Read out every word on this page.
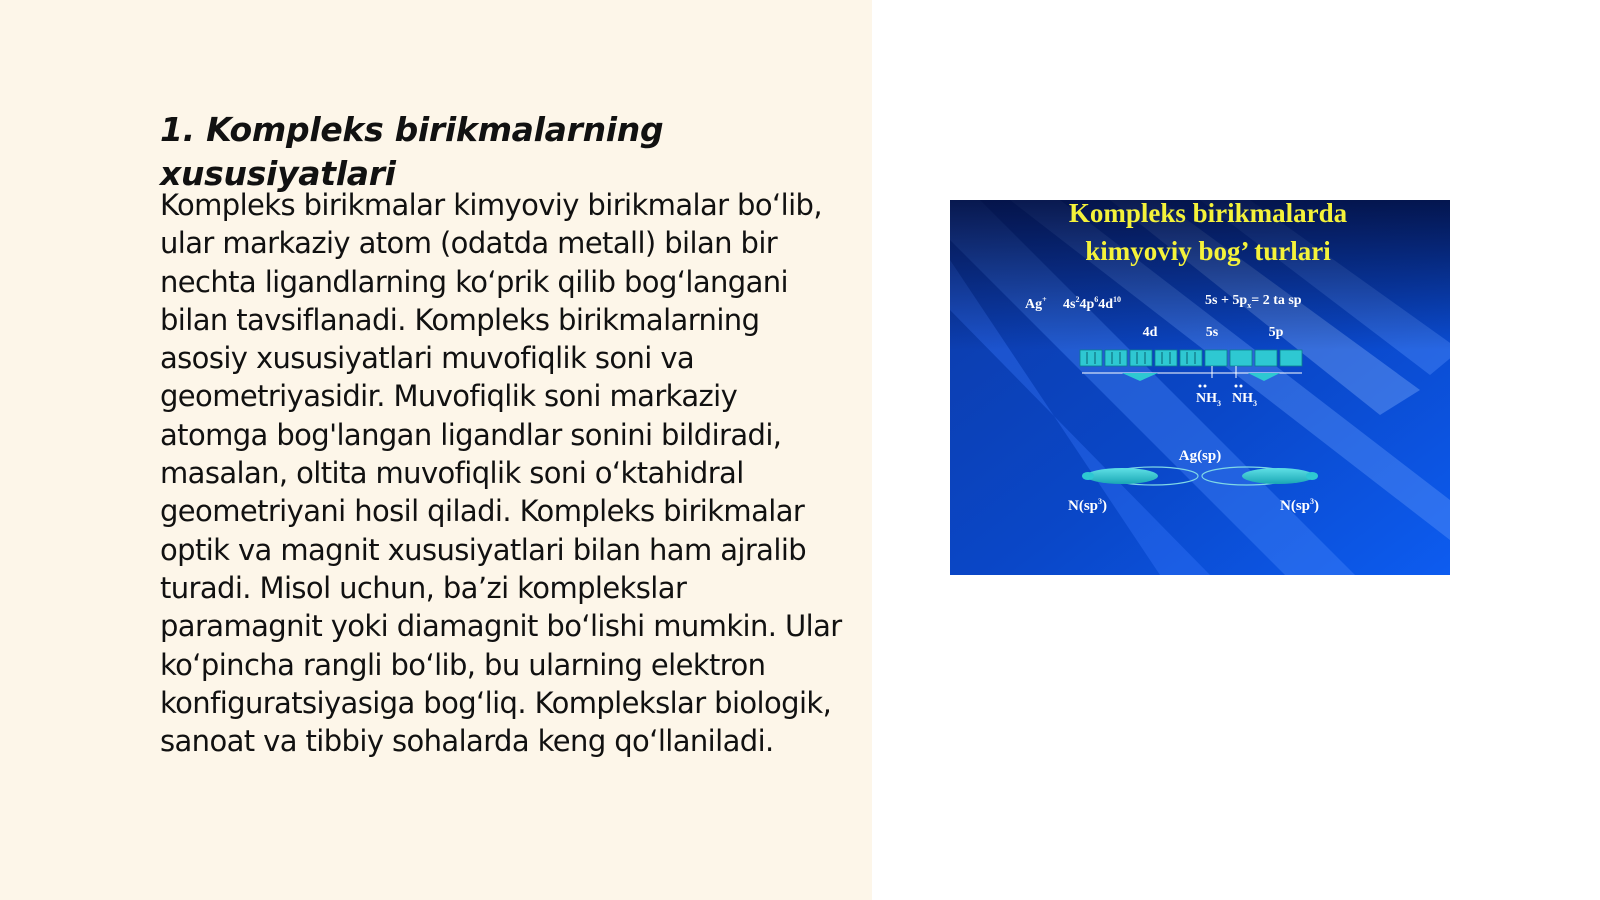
1. Kompleks birikmalarning xususiyatlari

Kompleks birikmalar kimyoviy birikmalar bo‘lib, ular markaziy atom (odatda metall) bilan bir nechta ligandlarning ko‘prik qilib bog‘langani bilan tavsiflanadi. Kompleks birikmalarning asosiy xususiyatlari muvofiqlik soni va geometriyasidir. Muvofiqlik soni markaziy atomga bog'langan ligandlar sonini bildiradi, masalan, oltita muvofiqlik soni o‘ktahidral geometriyani hosil qiladi. Kompleks birikmalar optik va magnit xususiyatlari bilan ham ajralib turadi. Misol uchun, ba’zi komplekslar paramagnit yoki diamagnit bo‘lishi mumkin. Ular ko‘pincha rangli bo‘lib, bu ularning elektron konfiguratsiyasiga bog‘liq. Komplekslar biologik, sanoat va tibbiy sohalarda keng qo‘llaniladi.

Kompleks birikmalarda
kimyoviy bog’ turlari
Ag+ $4s^24p^64d^{10}$	$5s + 5p_x= 2$ ta sp
4d	5s	5p
$NH_3$ $NH_3$
Ag(sp)
$N(sp^3)$	$N(sp^3)$
